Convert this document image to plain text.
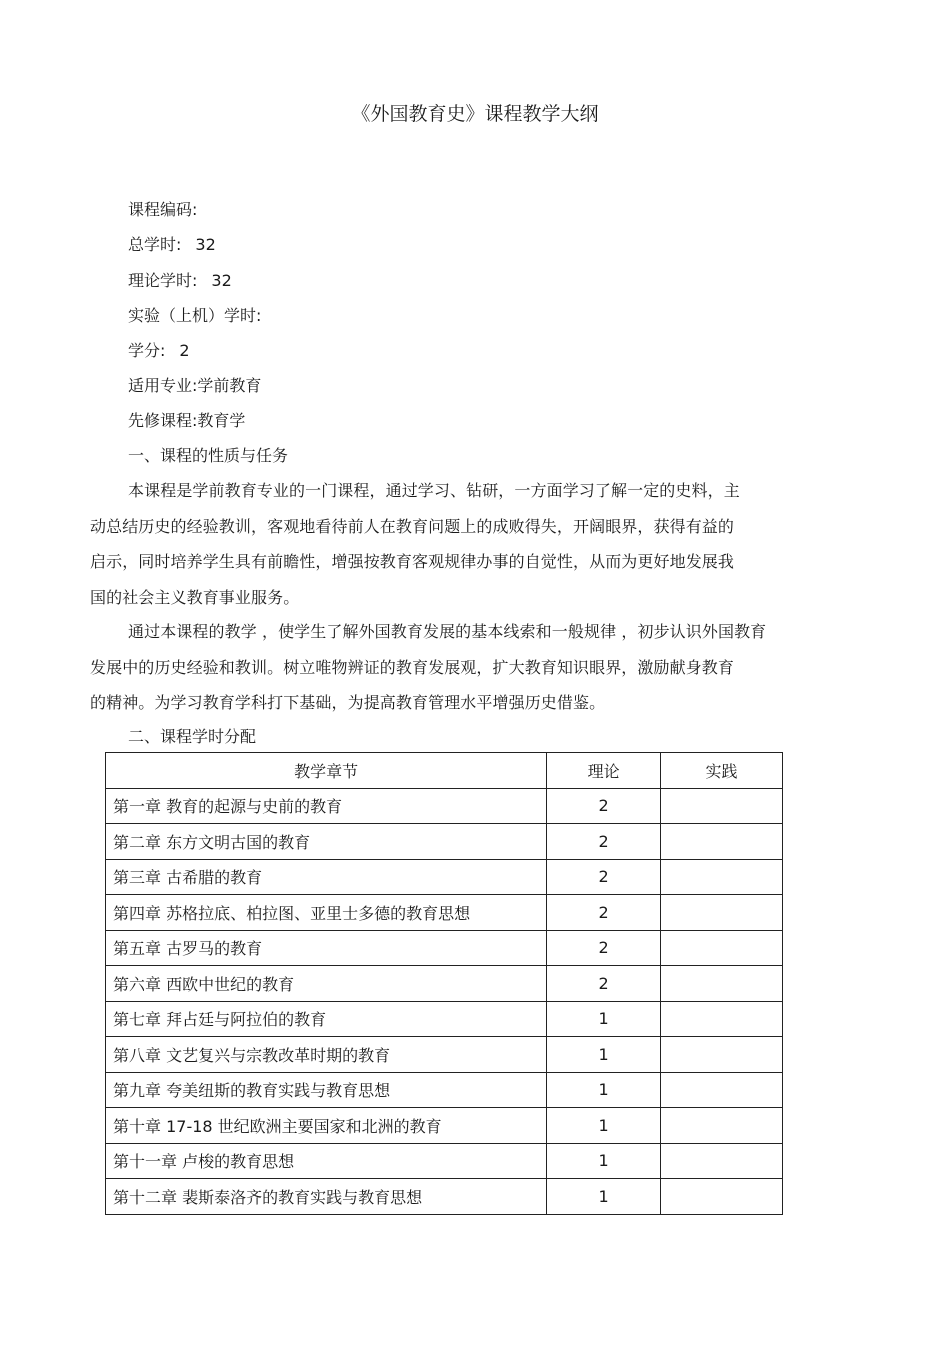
《外国教育史》课程教学大纲
课程编码:
总学时: 32
理论学时: 32
实验（上机）学时:
学分: 2
适用专业:学前教育
先修课程:教育学
一、课程的性质与任务
本课程是学前教育专业的一门课程，通过学习、钻研，一方面学习了解一定的史料，主
动总结历史的经验教训，客观地看待前人在教育问题上的成败得失，开阔眼界，获得有益的
启示，同时培养学生具有前瞻性，增强按教育客观规律办事的自觉性，从而为更好地发展我
国的社会主义教育事业服务。
通过本课程的教学 ，使学生了解外国教育发展的基本线索和一般规律 ，初步认识外国教育
发展中的历史经验和教训。树立唯物辨证的教育发展观，扩大教育知识眼界，激励献身教育
的精神。为学习教育学科打下基础，为提高教育管理水平增强历史借鉴。
二、课程学时分配
教学章节	理论	实践
第一章 教育的起源与史前的教育	2	
第二章 东方文明古国的教育	2	
第三章 古希腊的教育	2	
第四章 苏格拉底、柏拉图、亚里士多德的教育思想	2	
第五章 古罗马的教育	2	
第六章 西欧中世纪的教育	2	
第七章 拜占廷与阿拉伯的教育	1	
第八章 文艺复兴与宗教改革时期的教育	1	
第九章 夸美纽斯的教育实践与教育思想	1	
第十章 17-18 世纪欧洲主要国家和北洲的教育	1	
第十一章 卢梭的教育思想	1	
第十二章 裴斯泰洛齐的教育实践与教育思想	1	
